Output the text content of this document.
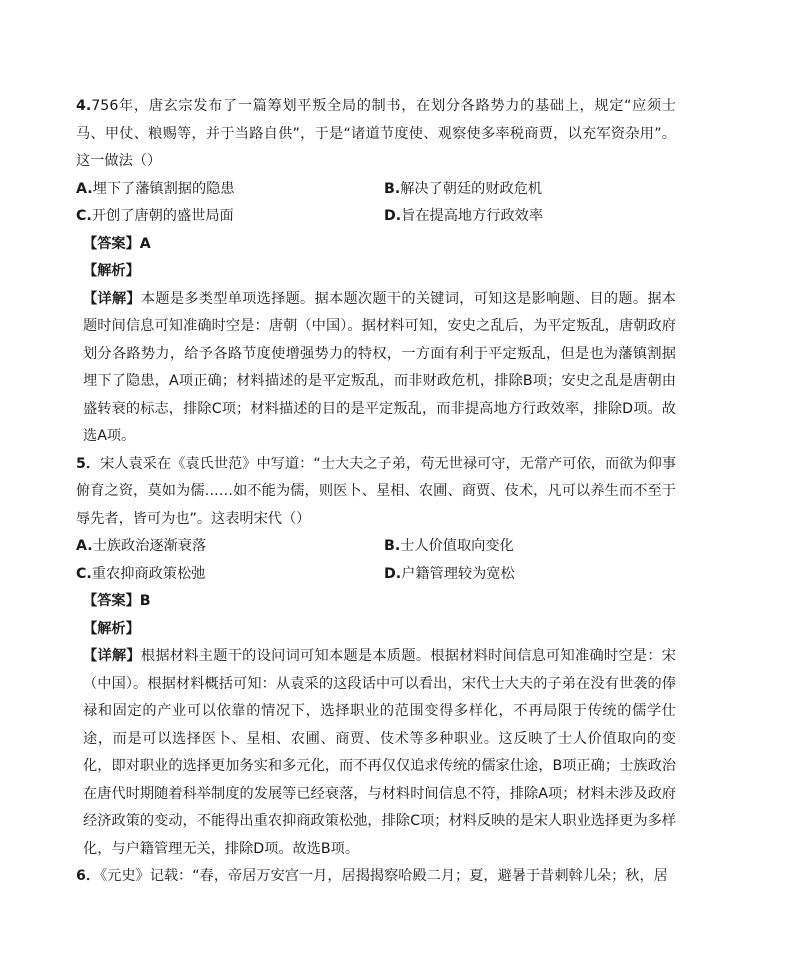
4.756年，唐玄宗发布了一篇筹划平叛全局的制书，在划分各路势力的基础上，规定“应须士马、甲仗、粮赐等，并于当路自供”，于是“诸道节度使、观察使多率税商贾，以充军资杂用”。这一做法（）

A.埋下了藩镇割据的隐患	B.解决了朝廷的财政危机
C.开创了唐朝的盛世局面	D.旨在提高地方行政效率

【答案】A

【解析】

【详解】本题是多类型单项选择题。据本题次题干的关键词，可知这是影响题、目的题。据本题时间信息可知准确时空是：唐朝（中国）。据材料可知，安史之乱后，为平定叛乱，唐朝政府划分各路势力，给予各路节度使增强势力的特权，一方面有利于平定叛乱，但是也为藩镇割据埋下了隐患，A项正确；材料描述的是平定叛乱，而非财政危机，排除B项；安史之乱是唐朝由盛转衰的标志，排除C项；材料描述的目的是平定叛乱，而非提高地方行政效率，排除D项。故选A项。

5．宋人袁采在《袁氏世范》中写道：“士大夫之子弟，苟无世禄可守，无常产可依，而欲为仰事俯育之资，莫如为儒……如不能为儒，则医卜、星相、农圃、商贾、伎术，凡可以养生而不至于辱先者，皆可为也”。这表明宋代（）

A.士族政治逐渐衰落	B.士人价值取向变化
C.重农抑商政策松弛	D.户籍管理较为宽松

【答案】B

【解析】

【详解】根据材料主题干的设问词可知本题是本质题。根据材料时间信息可知准确时空是：宋（中国）。根据材料概括可知：从袁采的这段话中可以看出，宋代士大夫的子弟在没有世袭的俸禄和固定的产业可以依靠的情况下，选择职业的范围变得多样化，不再局限于传统的儒学仕途，而是可以选择医卜、星相、农圃、商贾、伎术等多种职业。这反映了士人价值取向的变化，即对职业的选择更加务实和多元化，而不再仅仅追求传统的儒家仕途，B项正确；士族政治在唐代时期随着科举制度的发展等已经衰落，与材料时间信息不符，排除A项；材料未涉及政府经济政策的变动，不能得出重农抑商政策松弛，排除C项；材料反映的是宋人职业选择更为多样化，与户籍管理无关，排除D项。故选B项。

6．《元史》记载：“春，帝居万安宫一月，居揭揭察哈殿二月；夏，避暑于昔刺斡儿朵；秋，居
